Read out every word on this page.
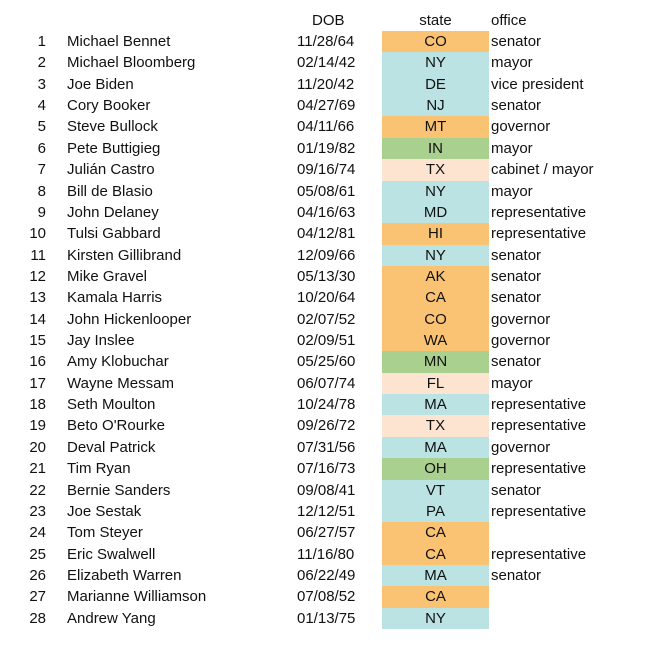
DOB	state	office
1 Michael Bennet	11/28/64	CO	senator
2 Michael Bloomberg	02/14/42	NY	mayor
3 Joe Biden	11/20/42	DE	vice president
4 Cory Booker	04/27/69	NJ	senator
5 Steve Bullock	04/11/66	MT	governor
6 Pete Buttigieg	01/19/82	IN	mayor
7 Julián Castro	09/16/74	TX	cabinet / mayor
8 Bill de Blasio	05/08/61	NY	mayor
9 John Delaney	04/16/63	MD	representative
10 Tulsi Gabbard	04/12/81	HI	representative
11 Kirsten Gillibrand	12/09/66	NY	senator
12 Mike Gravel	05/13/30	AK	senator
13 Kamala Harris	10/20/64	CA	senator
14 John Hickenlooper	02/07/52	CO	governor
15 Jay Inslee	02/09/51	WA	governor
16 Amy Klobuchar	05/25/60	MN	senator
17 Wayne Messam	06/07/74	FL	mayor
18 Seth Moulton	10/24/78	MA	representative
19 Beto O'Rourke	09/26/72	TX	representative
20 Deval Patrick	07/31/56	MA	governor
21 Tim Ryan	07/16/73	OH	representative
22 Bernie Sanders	09/08/41	VT	senator
23 Joe Sestak	12/12/51	PA	representative
24 Tom Steyer	06/27/57	CA
25 Eric Swalwell	11/16/80	CA	representative
26 Elizabeth Warren	06/22/49	MA	senator
27 Marianne Williamson	07/08/52	CA
28 Andrew Yang	01/13/75	NY
